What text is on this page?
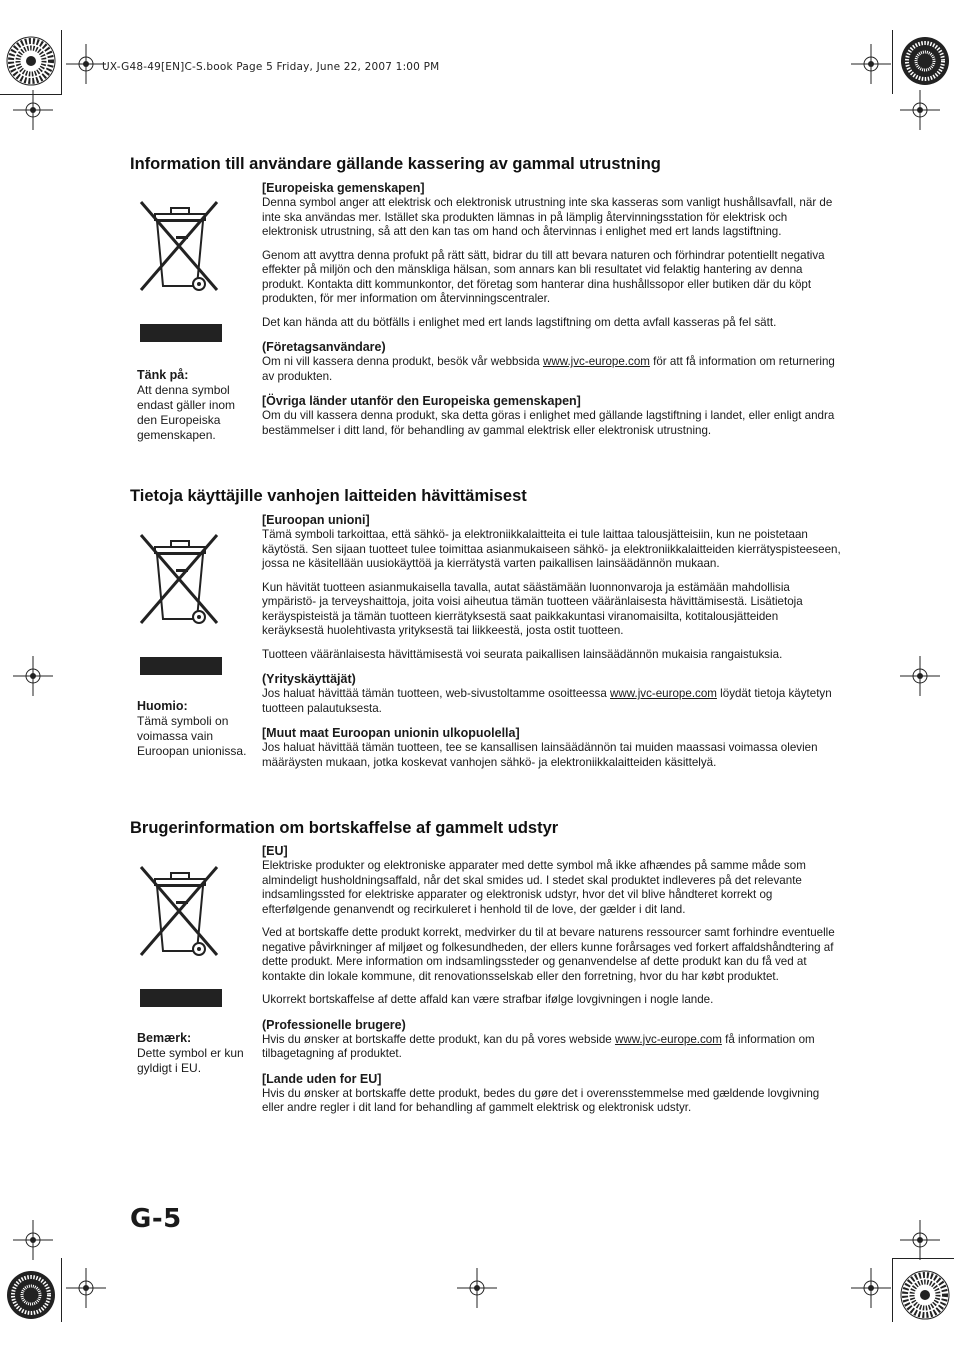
UX-G48-49[EN]C-S.book Page 5 Friday, June 22, 2007 1:00 PM
Information till användare gällande kassering av gammal utrustning
Tänk på:
Att denna symbol endast gäller inom den Europeiska gemenskapen.
[Europeiska gemenskapen]

Denna symbol anger att elektrisk och elektronisk utrustning inte ska kasseras som vanligt hushållsavfall, när de inte ska användas mer. Istället ska produkten lämnas in på lämplig återvinningsstation för elektrisk och elektronisk utrustning, så att den kan tas om hand och återvinnas i enlighet med ert lands lagstiftning.

Genom att avyttra denna profukt på rätt sätt, bidrar du till att bevara naturen och förhindrar potentiellt negativa effekter på miljön och den mänskliga hälsan, som annars kan bli resultatet vid felaktig hantering av denna produkt. Kontakta ditt kommunkontor, det företag som hanterar dina hushållssopor eller butiken där du köpt produkten, för mer information om återvinningscentraler.

Det kan hända att du bötfälls i enlighet med ert lands lagstiftning om detta avfall kasseras på fel sätt.

(Företagsanvändare)

Om ni vill kassera denna produkt, besök vår webbsida www.jvc-europe.com för att få information om returnering av produkten.

[Övriga länder utanför den Europeiska gemenskapen]

Om du vill kassera denna produkt, ska detta göras i enlighet med gällande lagstiftning i landet, eller enligt andra bestämmelser i ditt land, för behandling av gammal elektrisk eller elektronisk utrustning.

Tietoja käyttäjille vanhojen laitteiden hävittämisest
Huomio:
Tämä symboli on voimassa vain Euroopan unionissa.
[Euroopan unioni]

Tämä symboli tarkoittaa, että sähkö- ja elektroniikkalaitteita ei tule laittaa talousjätteisiin, kun ne poistetaan käytöstä. Sen sijaan tuotteet tulee toimittaa asianmukaiseen sähkö- ja elektroniikkalaitteiden kierrätyspisteeseen, jossa ne käsitellään uusiokäyttöä ja kierrätystä varten paikallisen lainsäädännön mukaan.

Kun hävität tuotteen asianmukaisella tavalla, autat säästämään luonnonvaroja ja estämään mahdollisia ympäristö- ja terveyshaittoja, joita voisi aiheutua tämän tuotteen vääränlaisesta hävittämisestä. Lisätietoja keräyspisteistä ja tämän tuotteen kierrätyksestä saat paikkakuntasi viranomaisilta, kotitalousjätteiden keräyksestä huolehtivasta yrityksestä tai liikkeestä, josta ostit tuotteen.

Tuotteen vääränlaisesta hävittämisestä voi seurata paikallisen lainsäädännön mukaisia rangaistuksia.

(Yrityskäyttäjät)

Jos haluat hävittää tämän tuotteen, web-sivustoltamme osoitteessa www.jvc-europe.com löydät tietoja käytetyn tuotteen palautuksesta.

[Muut maat Euroopan unionin ulkopuolella]

Jos haluat hävittää tämän tuotteen, tee se kansallisen lainsäädännön tai muiden maassasi voimassa olevien määräysten mukaan, jotka koskevat vanhojen sähkö- ja elektroniikkalaitteiden käsittelyä.

Brugerinformation om bortskaffelse af gammelt udstyr
Bemærk:
Dette symbol er kun gyldigt i EU.
[EU]

Elektriske produkter og elektroniske apparater med dette symbol må ikke afhændes på samme måde som almindeligt husholdningsaffald, når det skal smides ud. I stedet skal produktet indleveres på det relevante indsamlingssted for elektriske apparater og elektronisk udstyr, hvor det vil blive håndteret korrekt og efterfølgende genanvendt og recirkuleret i henhold til de love, der gælder i dit land.

Ved at bortskaffe dette produkt korrekt, medvirker du til at bevare naturens ressourcer samt forhindre eventuelle negative påvirkninger af miljøet og folkesundheden, der ellers kunne forårsages ved forkert affaldshåndtering af dette produkt. Mere information om indsamlingssteder og genanvendelse af dette produkt kan du få ved at kontakte din lokale kommune, dit renovationsselskab eller den forretning, hvor du har købt produktet.

Ukorrekt bortskaffelse af dette affald kan være strafbar ifølge lovgivningen i nogle lande.

(Professionelle brugere)

Hvis du ønsker at bortskaffe dette produkt, kan du på vores webside www.jvc-europe.com få information om tilbagetagning af produktet.

[Lande uden for EU]

Hvis du ønsker at bortskaffe dette produkt, bedes du gøre det i overensstemmelse med gældende lovgivning eller andre regler i dit land for behandling af gammelt elektrisk og elektronisk udstyr.

G-5
